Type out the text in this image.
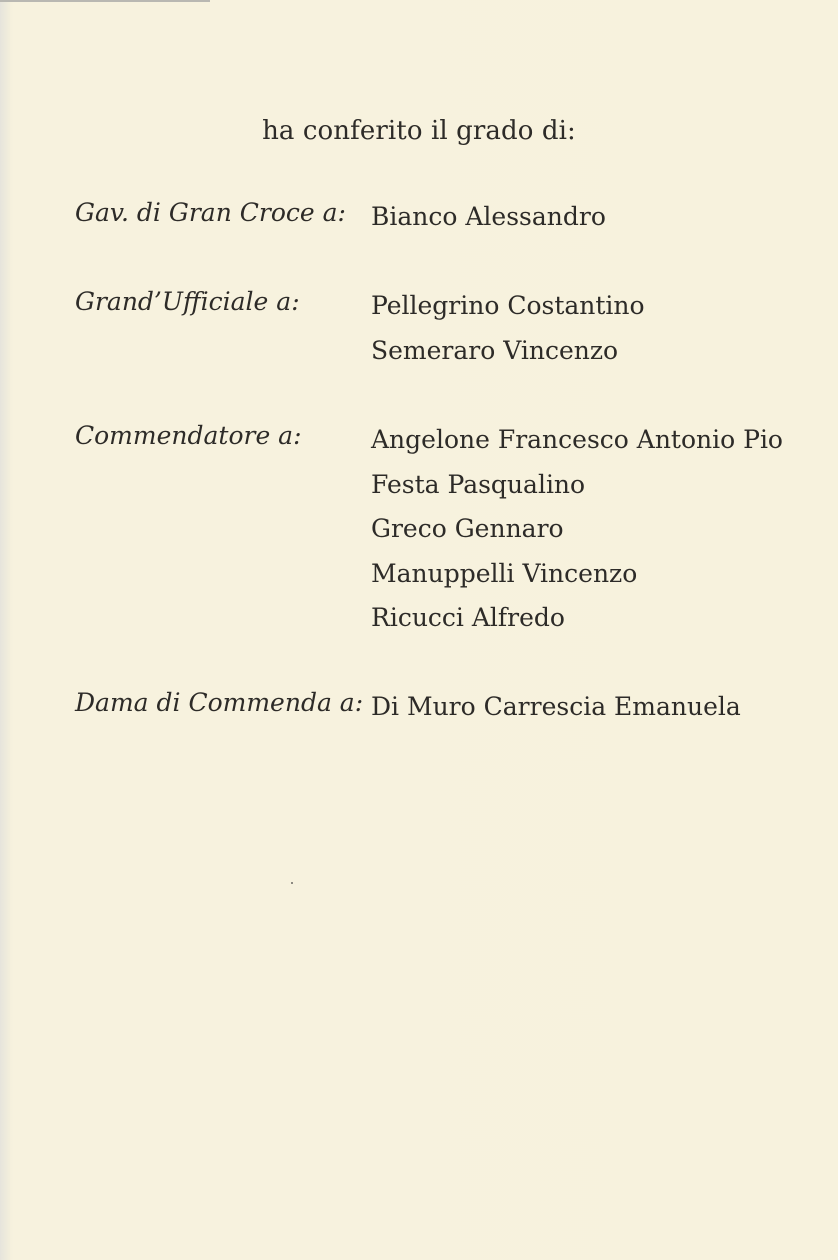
ha conferito il grado di:
Gav. di Gran Croce a: Bianco Alessandro
Grand’Ufficiale a:	Pellegrino Costantino
Semeraro Vincenzo
Commendatore a:	Angelone Francesco Antonio Pio
Festa Pasqualino
Greco Gennaro
Manuppelli Vincenzo
Ricucci Alfredo
Dama di Commenda a: Di Muro Carrescia Emanuela
